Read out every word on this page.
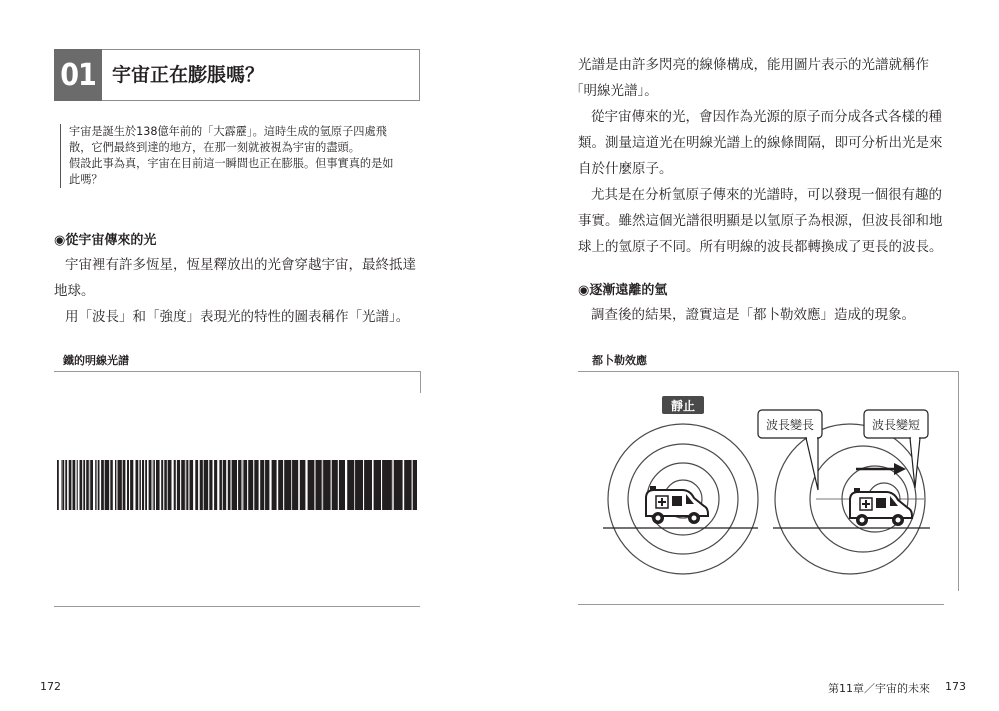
01 宇宙正在膨脹嗎？

宇宙是誕生於138億年前的「大霹靂」。這時生成的氫原子四處飛

散，它們最終到達的地方，在那一刻就被視為宇宙的盡頭。

假設此事為真，宇宙在目前這一瞬間也正在膨脹。但事實真的是如

此嗎？

◉從宇宙傳來的光
宇宙裡有許多恆星，恆星釋放出的光會穿越宇宙，最終抵達
地球。
用「波長」和「強度」表現光的特性的圖表稱作「光譜」。
鐵的明線光譜
172
光譜是由許多閃亮的線條構成，能用圖片表示的光譜就稱作
「明線光譜」。
從宇宙傳來的光，會因作為光源的原子而分成各式各樣的種
類。測量這道光在明線光譜上的線條間隔，即可分析出光是來
自於什麼原子。
尤其是在分析氫原子傳來的光譜時，可以發現一個很有趣的
事實。雖然這個光譜很明顯是以氫原子為根源，但波長卻和地
球上的氫原子不同。所有明線的波長都轉換成了更長的波長。
◉逐漸遠離的氫
調查後的結果，證實這是「都卜勒效應」造成的現象。
都卜勒效應
靜止
波長變長	波長變短
第11章／宇宙的未來 173
